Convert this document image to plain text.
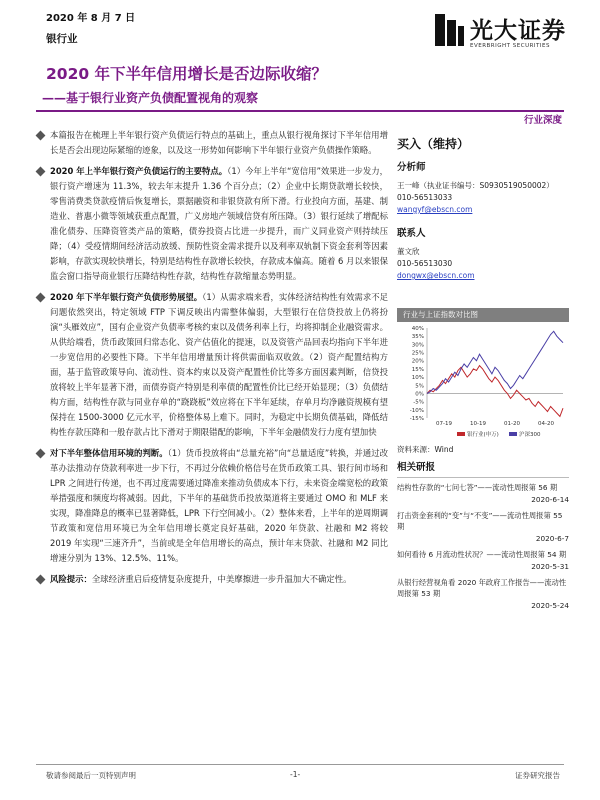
2020 年 8 月 7 日
银行业	光大证券
EVERBRIGHT SECURITIES
2020 年下半年信用增长是否边际收缩？
——基于银行业资产负债配置视角的观察
行业深度
本篇报告在梳理上半年银行资产负债运行特点的基础上，重点从银行视角探讨下半年信用增长是否会出现边际紧缩的迹象，以及这一形势如何影响下半年银行业资产负债操作策略。
2020 年上半年银行资产负债运行的主要特点。（1）今年上半年“宽信用”效果进一步发力，银行资产增速为 11.3%，较去年末提升 1.36 个百分点；（2）企业中长期贷款增长较快，零售消费类贷款疫情后恢复增长，票据融资和非银贷款有所下滑。行业投向方面，基建、制造业、普惠小微等领域获重点配置，广义房地产领域信贷有所压降。（3）银行延续了增配标准化债券、压降资管类产品的策略，债券投资占比进一步提升，而广义同业资产则持续压降；（4）受疫情期间经济活动放缓、预防性资金需求提升以及利率双轨制下资金套利等因素影响，存款实现较快增长，特别是结构性存款增长较快，存款成本偏高。随着 6 月以来银保监会窗口指导商业银行压降结构性存款，结构性存款缩量态势明显。
2020 年下半年银行资产负债形势展望。（1）从需求端来看，实体经济结构性有效需求不足问题依然突出，特定领域 FTP 下调反映出内需整体偏弱，大型银行在信贷投放上仍将扮演“头雁效应”，国有企业资产负债率考核约束以及债务利率上行，均将抑制企业融资需求。从供给端看，货币政策回归常态化、资产估值化的提速，以及资管产品回表均指向下半年进一步宽信用的必要性下降。下半年信用增量预计将供需面临双收敛。（2）资产配置结构方面，基于监管政策导向、流动性、资本约束以及资产配置性价比等多方面因素判断，信贷投放将较上半年显著下滑，而债券资产特别是利率债的配置性价比已经开始显现；（3）负债结构方面，结构性存款与同业存单的“跷跷板”效应将在下半年延续，存单月均净融资规模有望保持在 1500-3000 亿元水平，价格整体易上难下。同时，为稳定中长期负债基础，降低结构性存款压降和一般存款占比下滑对于期限错配的影响，下半年金融债发行力度有望加快
对下半年整体信用环境的判断。（1）货币投放将由“总量充裕”向“总量适度”转换，并通过改革办法推动存贷款利率进一步下行，不再过分依赖价格信号在货币政策工具、银行间市场和 LPR 之间进行传递，也不再过度需要通过降准来推动负债成本下行，未来资金端宽松的政策举措强度和频度均将减弱。因此，下半年的基础货币投放渠道将主要通过 OMO 和 MLF 来实现，降准降息的概率已显著降低，LPR 下行空间减小。（2）整体来看，上半年的逆周期调节政策和宽信用环境已为全年信用增长奠定良好基础，2020 年贷款、社融和 M2 将较 2019 年实现“三速齐升”，当前或是全年信用增长的高点，预计年末贷款、社融和 M2 同比增速分别为 13%、12.5%、11%。
风险提示：全球经济重启后疫情复杂度提升，中美摩擦进一步升温加大不确定性。
买入（维持）
分析师
王一峰（执业证书编号：S0930519050002）
010-56513033
wangyf@ebscn.com
联系人
董文欣
010-56513030
dongwx@ebscn.com
行业与上证指数对比图
40%
35%
30%
25%
20%
15%
10%
5%
0%
-5%
-10%
-15%
07-19	10-19	01-20	04-20
银行业(申万)	沪深300
资料来源：Wind
相关研报
结构性存款的“七问七答”——流动性周报第 56 期
2020-6-14
打击资金套利的“变”与“不变”——流动性周报第 55 期
2020-6-7
如何看待 6 月流动性状况？——流动性周报第 54 期
2020-5-31
从银行经营视角看 2020 年政府工作报告——流动性周报第 53 期
2020-5-24
敬请参阅最后一页特别声明	-1-	证券研究报告
